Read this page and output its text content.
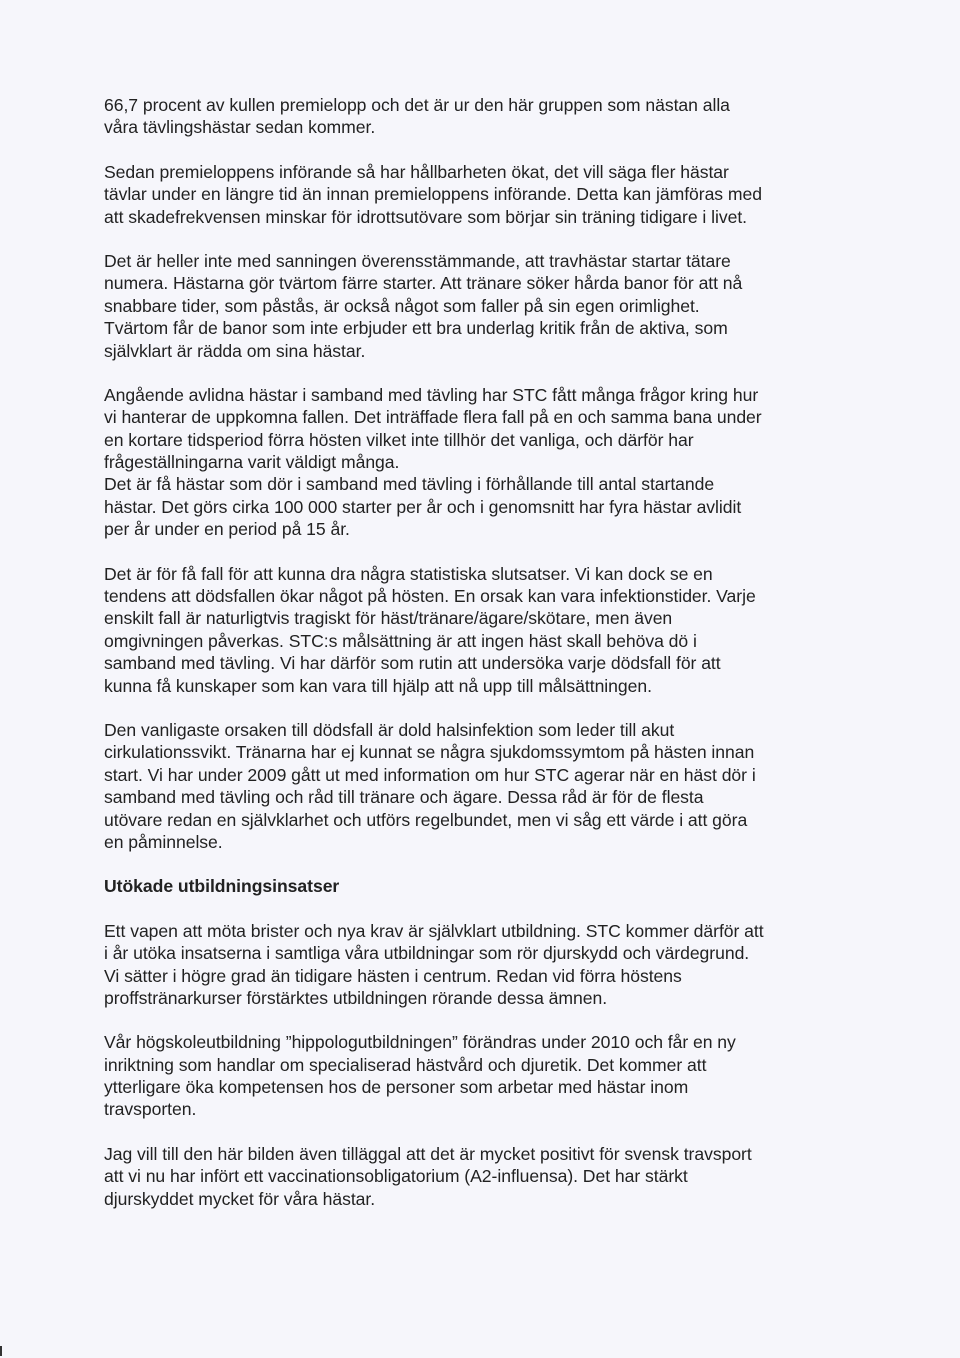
66,7 procent av kullen premielopp och det är ur den här gruppen som nästan alla
våra tävlingshästar sedan kommer.
Sedan premieloppens införande så har hållbarheten ökat, det vill säga fler hästar
tävlar under en längre tid än innan premieloppens införande. Detta kan jämföras med
att skadefrekvensen minskar för idrottsutövare som börjar sin träning tidigare i livet.
Det är heller inte med sanningen överensstämmande, att travhästar startar tätare
numera. Hästarna gör tvärtom färre starter. Att tränare söker hårda banor för att nå
snabbare tider, som påstås, är också något som faller på sin egen orimlighet.
Tvärtom får de banor som inte erbjuder ett bra underlag kritik från de aktiva, som
självklart är rädda om sina hästar.
Angående avlidna hästar i samband med tävling har STC fått många frågor kring hur
vi hanterar de uppkomna fallen. Det inträffade flera fall på en och samma bana under
en kortare tidsperiod förra hösten vilket inte tillhör det vanliga, och därför har
frågeställningarna varit väldigt många.
Det är få hästar som dör i samband med tävling i förhållande till antal startande
hästar. Det görs cirka 100 000 starter per år och i genomsnitt har fyra hästar avlidit
per år under en period på 15 år.
Det är för få fall för att kunna dra några statistiska slutsatser. Vi kan dock se en
tendens att dödsfallen ökar något på hösten. En orsak kan vara infektionstider. Varje
enskilt fall är naturligtvis tragiskt för häst/tränare/ägare/skötare, men även
omgivningen påverkas. STC:s målsättning är att ingen häst skall behöva dö i
samband med tävling. Vi har därför som rutin att undersöka varje dödsfall för att
kunna få kunskaper som kan vara till hjälp att nå upp till målsättningen.
Den vanligaste orsaken till dödsfall är dold halsinfektion som leder till akut
cirkulationssvikt. Tränarna har ej kunnat se några sjukdomssymtom på hästen innan
start. Vi har under 2009 gått ut med information om hur STC agerar när en häst dör i
samband med tävling och råd till tränare och ägare. Dessa råd är för de flesta
utövare redan en självklarhet och utförs regelbundet, men vi såg ett värde i att göra
en påminnelse.
Utökade utbildningsinsatser
Ett vapen att möta brister och nya krav är självklart utbildning. STC kommer därför att
i år utöka insatserna i samtliga våra utbildningar som rör djurskydd och värdegrund.
Vi sätter i högre grad än tidigare hästen i centrum. Redan vid förra höstens
proffstränarkurser förstärktes utbildningen rörande dessa ämnen.
Vår högskoleutbildning ”hippologutbildningen” förändras under 2010 och får en ny
inriktning som handlar om specialiserad hästvård och djuretik. Det kommer att
ytterligare öka kompetensen hos de personer som arbetar med hästar inom
travsporten.
Jag vill till den här bilden även tilläggal att det är mycket positivt för svensk travsport
att vi nu har infört ett vaccinationsobligatorium (A2-influensa). Det har stärkt
djurskyddet mycket för våra hästar.
